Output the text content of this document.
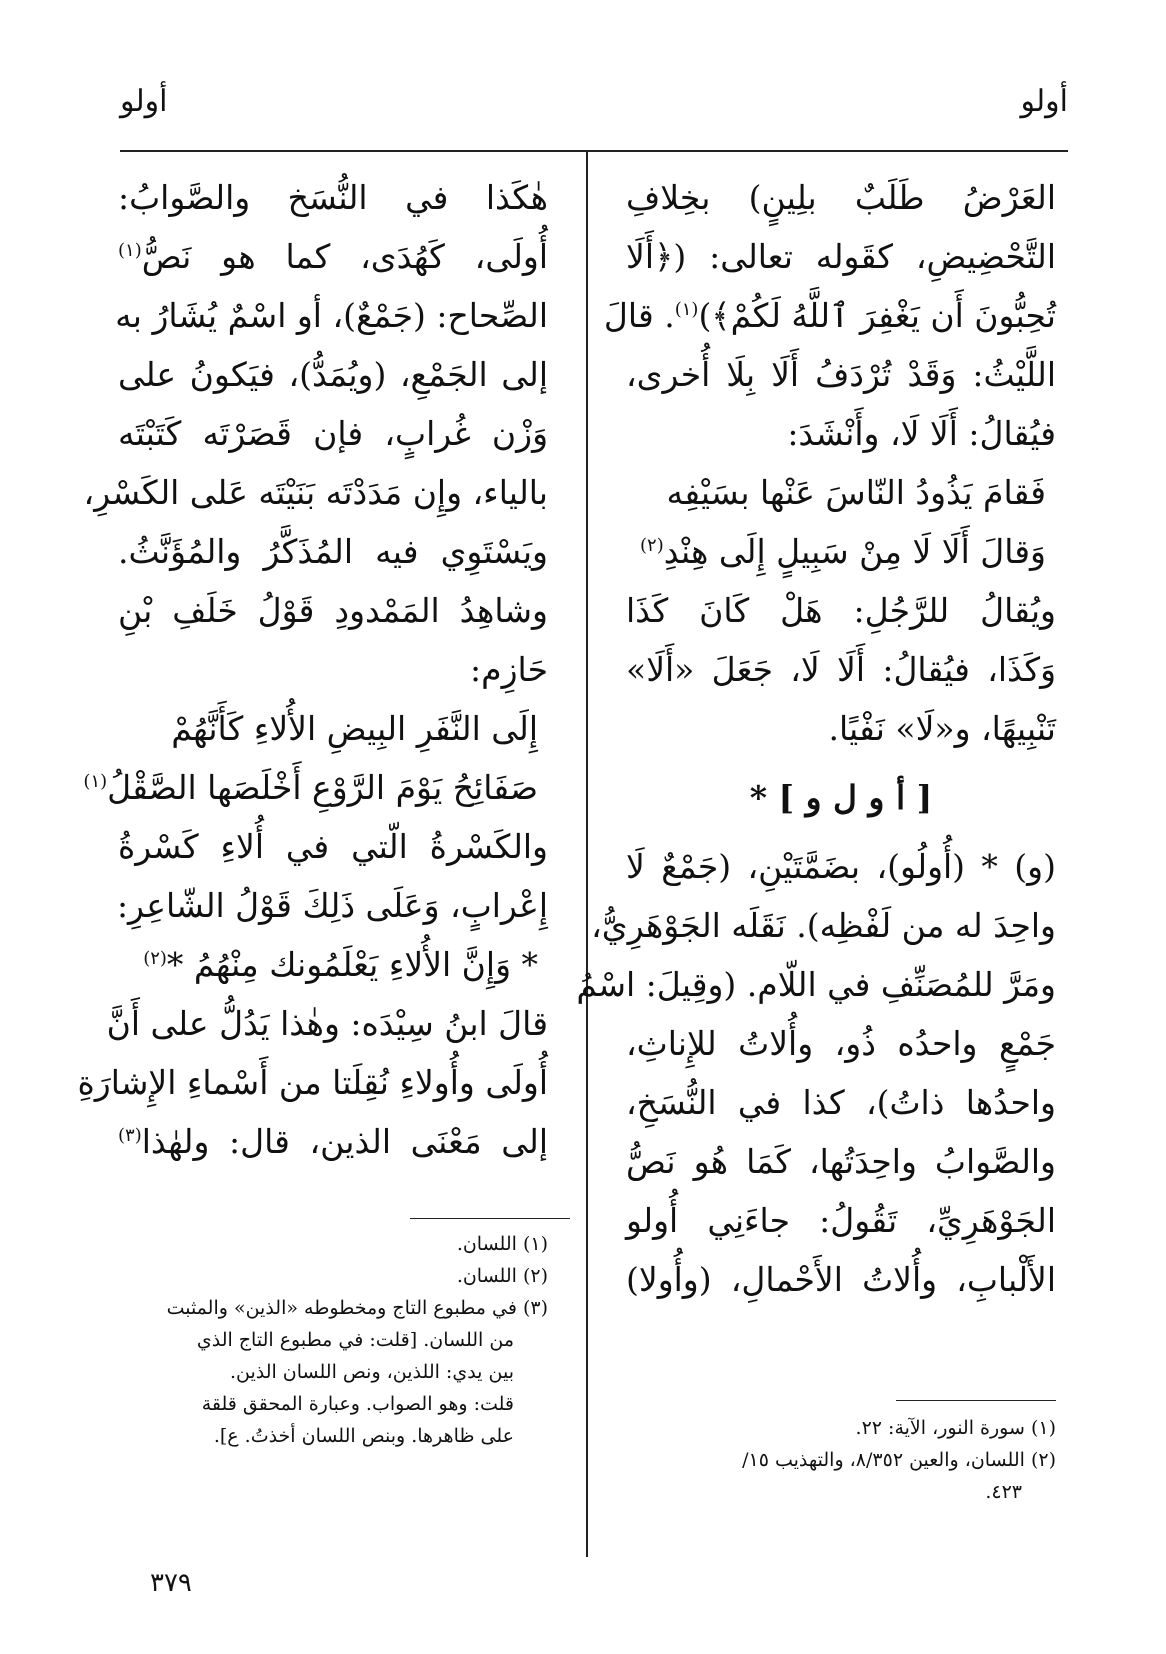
أولو
أولو
العَرْضُ طَلَبٌ بلِينٍ) بخِلافِ
التَّحْضِيضِ، كقَوله تعالى: (﴿أَلَا
تُحِبُّونَ أَن يَغْفِرَ ٱللَّهُ لَكُمْ﴾)$^{(١)}$. قالَ
اللَّيْثُ: وَقَدْ تُرْدَفُ أَلَا بِلَا أُخرى،
فيُقالُ: أَلَا لَا، وأَنْشَدَ:
فَقامَ يَذُودُ النّاسَ عَنْها بسَيْفِه
وَقالَ أَلَا لَا مِنْ سَبِيلٍ إِلَى هِنْدِ$^{(٢)}$
ويُقالُ للرَّجُلِ: هَلْ كَانَ كَذَا
وَكَذَا، فيُقالُ: أَلَا لَا، جَعَلَ «أَلَا»
تَنْبِيهًا، و«لَا» نَفْيًا.
[ أ و ل و ] *
(و) * (أُولُو)، بضَمَّتَيْنِ، (جَمْعٌ لَا
واحِدَ له من لَفْظِه). نَقَلَه الجَوْهَرِيُّ،
ومَرَّ للمُصَنِّفِ في اللّام. (وقِيلَ: اسْمُ
جَمْعٍ واحدُه ذُو، وأُلاتُ للإِناثِ،
واحدُها ذاتُ)، كذا في النُّسَخِ،
والصَّوابُ واحِدَتُها، كَمَا هُو نَصُّ
الجَوْهَرِيِّ، تَقُولُ: جاءَنِي أُولو
الأَلْبابِ، وأُلاتُ الأَحْمالِ، (وأُولا)
(١) سورة النور، الآية: ٢٢.
(٢) اللسان، والعين ٨/٣٥٢، والتهذيب ١٥/
٤٢٣.
هٰكَذا في النُّسَخ والصَّوابُ:
أُولَى، كَهُدَى، كما هو نَصُّ$^{(١)}$
الصِّحاح: (جَمْعٌ)، أو اسْمٌ يُشَارُ به
إلى الجَمْعِ، (ويُمَدُّ)، فيَكونُ على
وَزْن غُرابٍ، فإن قَصَرْتَه كَتَبْتَه
بالياء، وإِن مَدَدْتَه بَنَيْتَه عَلى الكَسْرِ،
ويَسْتَوِي فيه المُذَكَّرُ والمُؤَنَّثُ.
وشاهِدُ المَمْدودِ قَوْلُ خَلَفِ بْنِ
حَازِم:
إِلَى النَّفَرِ البِيضِ الأُلاءِ كَأَنَّهُمْ
صَفَائِحُ يَوْمَ الرَّوْعِ أَخْلَصَها الصَّقْلُ$^{(١)}$
والكَسْرةُ الّتي في أُلاءِ كَسْرةُ
إِعْرابٍ، وَعَلَى ذَلِكَ قَوْلُ الشّاعِرِ:
* وَإِنَّ الأُلاءِ يَعْلَمُونك مِنْهُمُ *$^{(٢)}$
قالَ ابنُ سِيْدَه: وهٰذا يَدُلُّ على أَنَّ
أُولَى وأُولاءِ نُقِلَتا من أَسْماءِ الإِشارَةِ
إلى مَعْنَى الذين، قال: ولهٰذا$^{(٣)}$
(١) اللسان.
(٢) اللسان.
(٣) في مطبوع التاج ومخطوطه «الذين» والمثبت
من اللسان. [قلت: في مطبوع التاج الذي
بين يدي: اللذين، ونص اللسان الذين.
قلت: وهو الصواب. وعبارة المحقق قلقة
على ظاهرها. وبنص اللسان أخذتُ. ع].
٣٧٩
